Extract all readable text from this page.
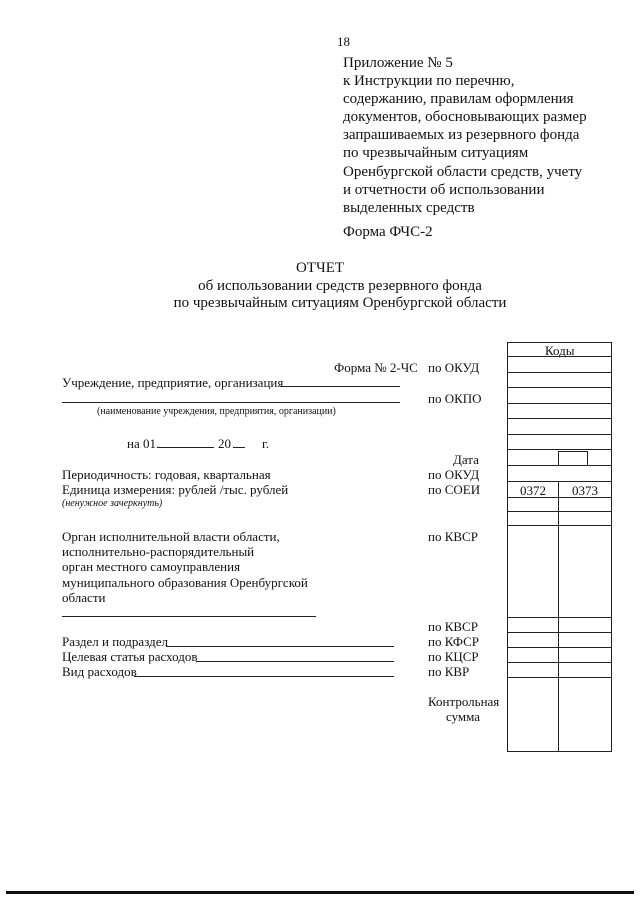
18
Приложение № 5
к Инструкции по перечню,
содержанию, правилам оформления
документов, обосновывающих размер
запрашиваемых из резервного фонда
по чрезвычайным ситуациям
Оренбургской области средств, учету
и отчетности об использовании
выделенных средств
Форма ФЧС-2
ОТЧЕТ
об использовании средств резервного фонда
по чрезвычайным ситуациям Оренбургской области
Коды
0372	0373
по ОКУД
по ОКПО
Дата
по ОКУД
по СОЕИ
по КВСР
по КВСР
по КФСР
по КЦСР
по КВР
Контрольная
сумма
Форма № 2-ЧС
Учреждение, предприятие, организация
(наименование учреждения, предприятия, организации)
на 01.	20 г.
Периодичность: годовая, квартальная
Единица измерения: рублей /тыс. рублей
(ненужное зачеркнуть)
Орган исполнительной власти области,
исполнительно-распорядительный
орган местного самоуправления
муниципального образования Оренбургской
области
Раздел и подраздел
Целевая статья расходов
Вид расходов
